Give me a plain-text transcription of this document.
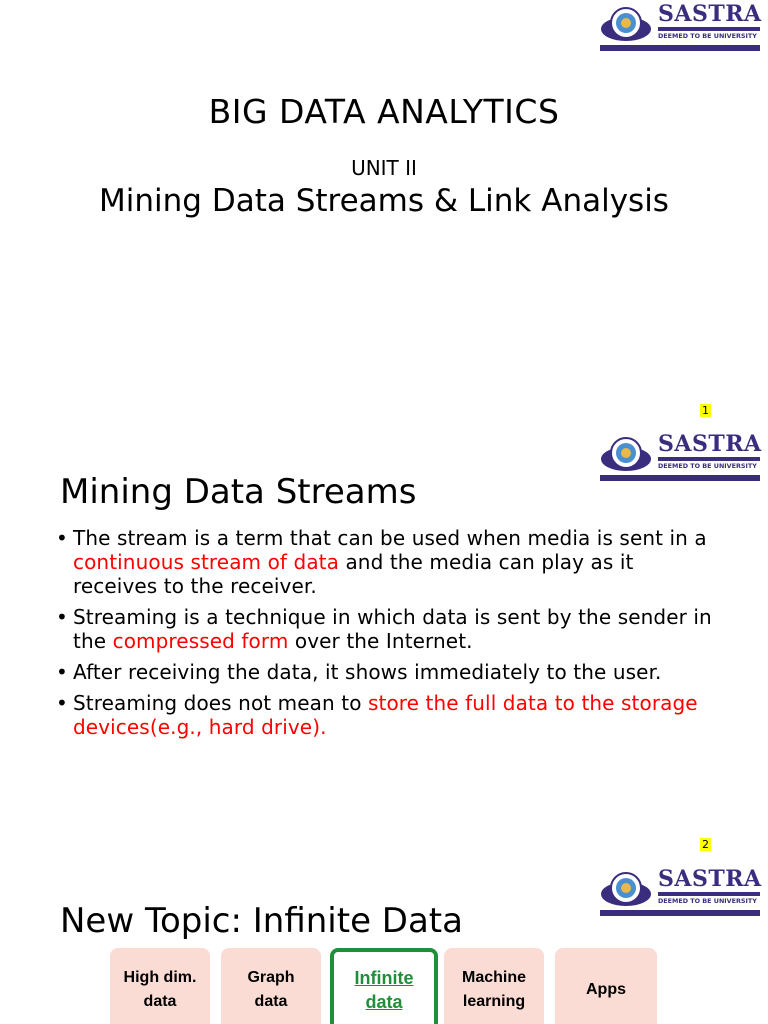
SASTRA
DEEMED TO BE UNIVERSITY
BIG DATA ANALYTICS
UNIT II
Mining Data Streams & Link Analysis
1
SASTRA
DEEMED TO BE UNIVERSITY
Mining Data Streams
• The stream is a term that can be used when media is sent in a continuous stream of data and the media can play as it receives to the receiver.
• Streaming is a technique in which data is sent by the sender in the compressed form over the Internet.
• After receiving the data, it shows immediately to the user.
• Streaming does not mean to store the full data to the storage devices(e.g., hard drive).
2
SASTRA
DEEMED TO BE UNIVERSITY
New Topic: Infinite Data
High dim.
data
Graph
data
Infinite
data
Machine
learning
Apps
